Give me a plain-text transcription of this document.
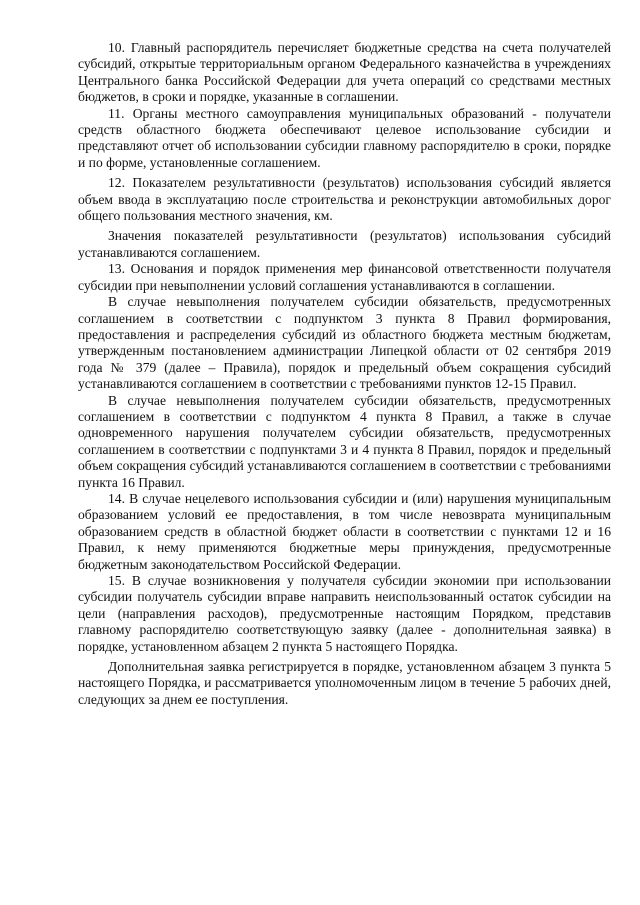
10. Главный распорядитель перечисляет бюджетные средства на счета получателей субсидий, открытые территориальным органом Федерального казначейства в учреждениях Центрального банка Российской Федерации для учета операций со средствами местных бюджетов, в сроки и порядке, указанные в соглашении.

11. Органы местного самоуправления муниципальных образований - получатели средств областного бюджета обеспечивают целевое использование субсидии и представляют отчет об использовании субсидии главному распорядителю в сроки, порядке и по форме, установленные соглашением.

12. Показателем результативности (результатов) использования субсидий является объем ввода в эксплуатацию после строительства и реконструкции автомобильных дорог общего пользования местного значения, км.

Значения показателей результативности (результатов) использования субсидий устанавливаются соглашением.

13. Основания и порядок применения мер финансовой ответственности получателя субсидии при невыполнении условий соглашения устанавливаются в соглашении.

В случае невыполнения получателем субсидии обязательств, предусмотренных соглашением в соответствии с подпунктом 3 пункта 8 Правил формирования, предоставления и распределения субсидий из областного бюджета местным бюджетам, утвержденным постановлением администрации Липецкой области от 02 сентября 2019 года № 379 (далее – Правила), порядок и предельный объем сокращения субсидий устанавливаются соглашением в соответствии с требованиями пунктов 12-15 Правил.

В случае невыполнения получателем субсидии обязательств, предусмотренных соглашением в соответствии с подпунктом 4 пункта 8 Правил, а также в случае одновременного нарушения получателем субсидии обязательств, предусмотренных соглашением в соответствии с подпунктами 3 и 4 пункта 8 Правил, порядок и предельный объем сокращения субсидий устанавливаются соглашением в соответствии с требованиями пункта 16 Правил.

14. В случае нецелевого использования субсидии и (или) нарушения муниципальным образованием условий ее предоставления, в том числе невозврата муниципальным образованием средств в областной бюджет области в соответствии с пунктами 12 и 16 Правил, к нему применяются бюджетные меры принуждения, предусмотренные бюджетным законодательством Российской Федерации.

15. В случае возникновения у получателя субсидии экономии при использовании субсидии получатель субсидии вправе направить неиспользованный остаток субсидии на цели (направления расходов), предусмотренные настоящим Порядком, представив главному распорядителю соответствующую заявку (далее - дополнительная заявка) в порядке, установленном абзацем 2 пункта 5 настоящего Порядка.

Дополнительная заявка регистрируется в порядке, установленном абзацем 3 пункта 5 настоящего Порядка, и рассматривается уполномоченным лицом в течение 5 рабочих дней, следующих за днем ее поступления.
